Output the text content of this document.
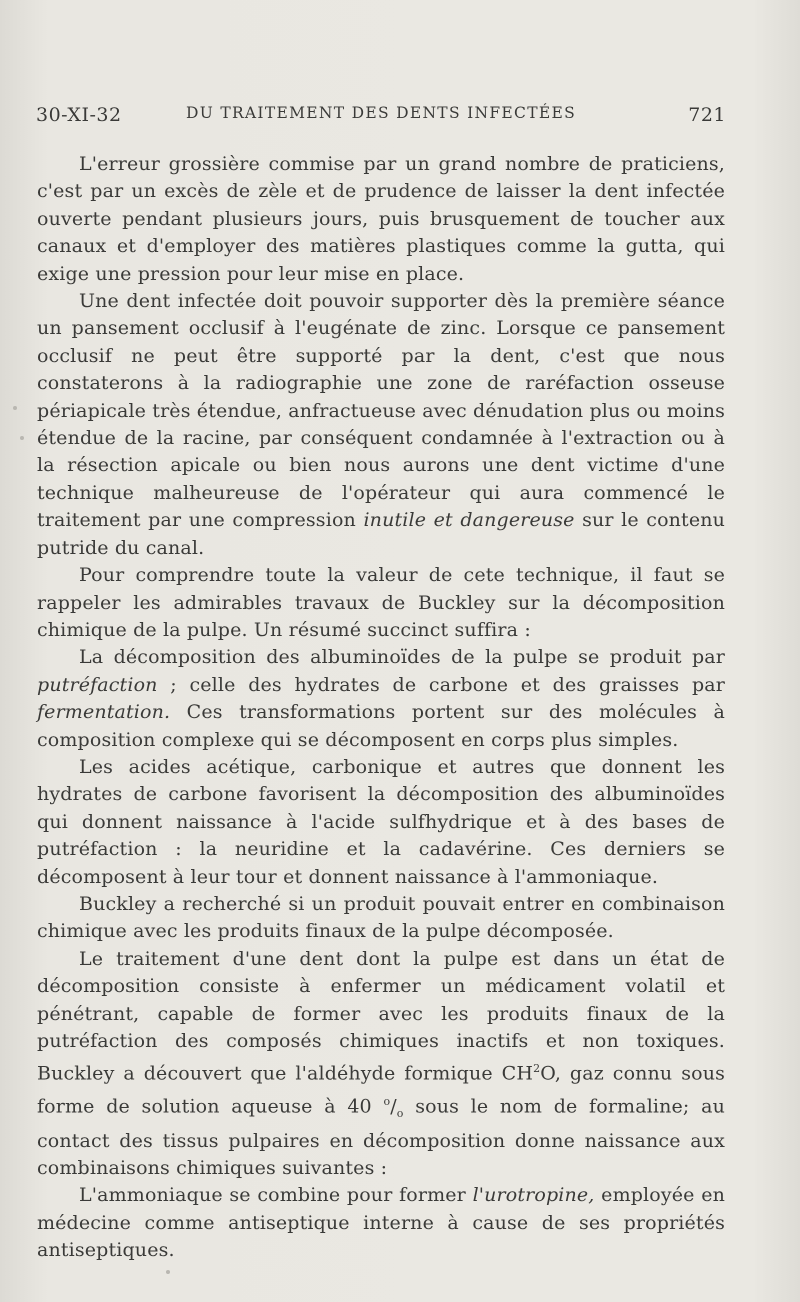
30-XI-32	DU TRAITEMENT DES DENTS INFECTÉES	721

L'erreur grossière commise par un grand nombre de praticiens, c'est par un excès de zèle et de prudence de laisser la dent infectée ouverte pendant plusieurs jours, puis brusquement de toucher aux canaux et d'employer des matières plastiques comme la gutta, qui exige une pression pour leur mise en place.

Une dent infectée doit pouvoir supporter dès la première séance un pansement occlusif à l'eugénate de zinc. Lorsque ce pansement occlusif ne peut être supporté par la dent, c'est que nous constaterons à la radiographie une zone de raréfaction osseuse périapicale très étendue, anfractueuse avec dénudation plus ou moins étendue de la racine, par conséquent condamnée à l'extraction ou à la résection apicale ou bien nous aurons une dent victime d'une technique malheureuse de l'opérateur qui aura commencé le traitement par une compression inutile et dangereuse sur le contenu putride du canal.

Pour comprendre toute la valeur de cete technique, il faut se rappeler les admirables travaux de Buckley sur la décomposition chimique de la pulpe. Un résumé succinct suffira :

La décomposition des albuminoïdes de la pulpe se produit par putréfaction ; celle des hydrates de carbone et des graisses par fermentation. Ces transformations portent sur des molécules à composition complexe qui se décomposent en corps plus simples.

Les acides acétique, carbonique et autres que donnent les hydrates de carbone favorisent la décomposition des albuminoïdes qui donnent naissance à l'acide sulfhydrique et à des bases de putréfaction : la neuridine et la cadavérine. Ces derniers se décomposent à leur tour et donnent naissance à l'ammoniaque.

Buckley a recherché si un produit pouvait entrer en combinaison chimique avec les produits finaux de la pulpe décomposée.

Le traitement d'une dent dont la pulpe est dans un état de décomposition consiste à enfermer un médicament volatil et pénétrant, capable de former avec les produits finaux de la putréfaction des composés chimiques inactifs et non toxiques. Buckley a découvert que l'aldéhyde formique $CH^2O$, gaz connu sous forme de solution aqueuse à 40 $^o/_o$ sous le nom de formaline; au contact des tissus pulpaires en décomposition donne naissance aux combinaisons chimiques suivantes :

L'ammoniaque se combine pour former l'urotropine, employée en médecine comme antiseptique interne à cause de ses propriétés antiseptiques.
